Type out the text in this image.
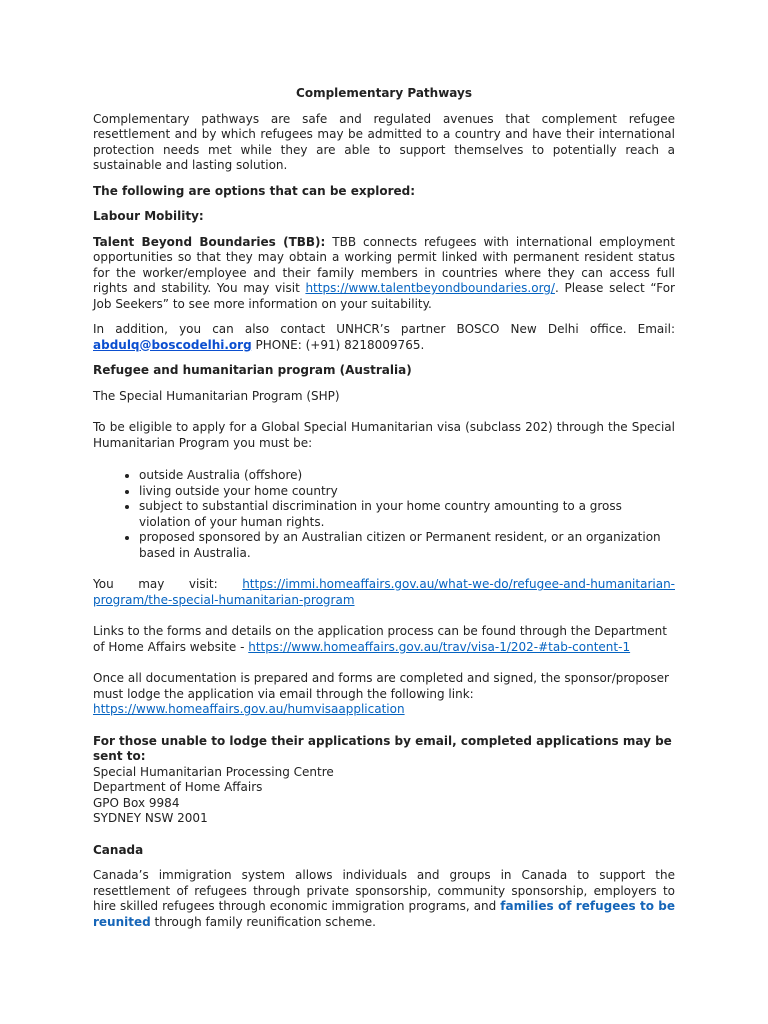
Complementary Pathways

Complementary pathways are safe and regulated avenues that complement refugee resettlement and by which refugees may be admitted to a country and have their international protection needs met while they are able to support themselves to potentially reach a sustainable and lasting solution.

The following are options that can be explored:

Labour Mobility:

Talent Beyond Boundaries (TBB): TBB connects refugees with international employment opportunities so that they may obtain a working permit linked with permanent resident status for the worker/employee and their family members in countries where they can access full rights and stability. You may visit https://www.talentbeyondboundaries.org/. Please select “For Job Seekers” to see more information on your suitability.

In addition, you can also contact UNHCR’s partner BOSCO New Delhi office. Email: abdulq@boscodelhi.org PHONE: (+91) 8218009765.

Refugee and humanitarian program (Australia)

The Special Humanitarian Program (SHP)

To be eligible to apply for a Global Special Humanitarian visa (subclass 202) through the Special Humanitarian Program you must be:

• outside Australia (offshore)
• living outside your home country
• subject to substantial discrimination in your home country amounting to a gross violation of your human rights.
• proposed sponsored by an Australian citizen or Permanent resident, or an organization based in Australia.

You may visit: https://immi.homeaffairs.gov.au/what-we-do/refugee-and-humanitarian-program/the-special-humanitarian-program

Links to the forms and details on the application process can be found through the Department of Home Affairs website - https://www.homeaffairs.gov.au/trav/visa-1/202-#tab-content-1

Once all documentation is prepared and forms are completed and signed, the sponsor/proposer must lodge the application via email through the following link:
https://www.homeaffairs.gov.au/humvisaapplication

For those unable to lodge their applications by email, completed applications may be sent to:

Special Humanitarian Processing Centre
Department of Home Affairs
GPO Box 9984
SYDNEY NSW 2001

Canada

Canada’s immigration system allows individuals and groups in Canada to support the resettlement of refugees through private sponsorship, community sponsorship, employers to hire skilled refugees through economic immigration programs, and families of refugees to be reunited through family reunification scheme.
